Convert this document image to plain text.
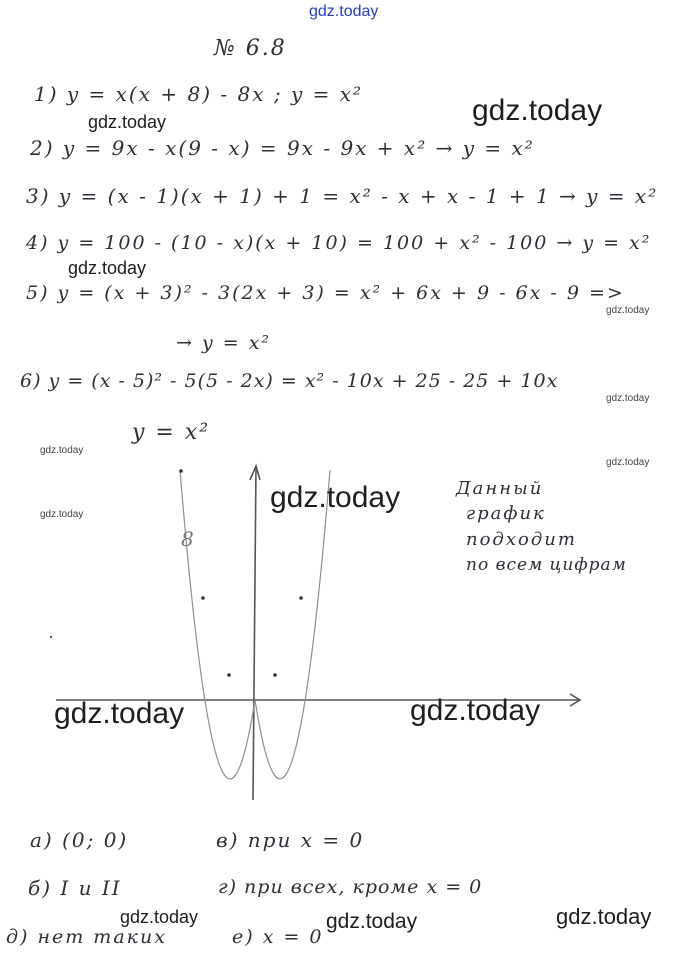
gdz.today
№ 6.8
1) y = x(x + 8) - 8x ; y = x²
2) y = 9x - x(9 - x) = 9x - 9x + x² → y = x²
3) y = (x - 1)(x + 1) + 1 = x² - x + x - 1 + 1 → y = x²
4) y = 100 - (10 - x)(x + 10) = 100 + x² - 100 → y = x²
5) y = (x + 3)² - 3(2x + 3) = x² + 6x + 9 - 6x - 9 =>
→ y = x²
6) y = (x - 5)² - 5(5 - 2x) = x² - 10x + 25 - 25 + 10x
y = x²
8
Данный
график
подходит
по всем цифрам
а) (0; 0)	в) при x = 0
б) I и II	г) при всех, кроме x = 0
д) нет таких	е) x = 0
gdz.today
gdz.today
gdz.today
gdz.today
gdz.today
gdz.today
gdz.today
gdz.today
gdz.today
gdz.today	gdz.today
gdz.today	gdz.today	gdz.today
